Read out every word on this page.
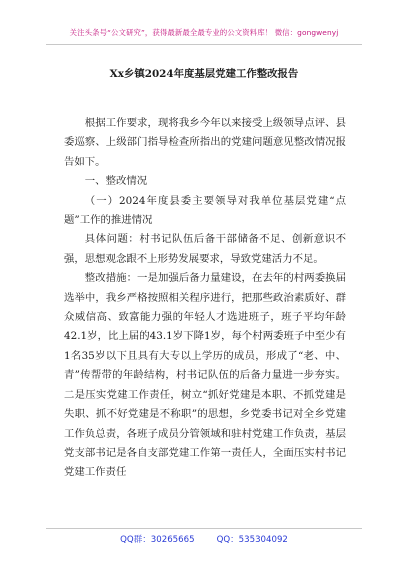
关注头条号“公文研究”，获得最新最全最专业的公文资料库！ 微信：gongwenyj
Xx乡镇2024年度基层党建工作整改报告

根据工作要求，现将我乡今年以来接受上级领导点评、县委巡察、上级部门指导检查所指出的党建问题意见整改情况报告如下。

一、整改情况

（一）2024年度县委主要领导对我单位基层党建“点题”工作的推进情况

具体问题：村书记队伍后备干部储备不足、创新意识不强，思想观念跟不上形势发展要求，导致党建活力不足。

整改措施：一是加强后备力量建设，在去年的村两委换届选举中，我乡严格按照相关程序进行，把那些政治素质好、群众威信高、致富能力强的年轻人才选进班子，班子平均年龄42.1岁，比上届的43.1岁下降1岁，每个村两委班子中至少有1名35岁以下且具有大专以上学历的成员，形成了“老、中、青”传帮带的年龄结构，村书记队伍的后备力量进一步夯实。二是压实党建工作责任，树立“抓好党建是本职、不抓党建是失职、抓不好党建是不称职”的思想，乡党委书记对全乡党建工作负总责，各班子成员分管领域和驻村党建工作负责，基层党支部书记是各自支部党建工作第一责任人，全面压实村书记党建工作责任

QQ群：30265665	QQ：535304092
